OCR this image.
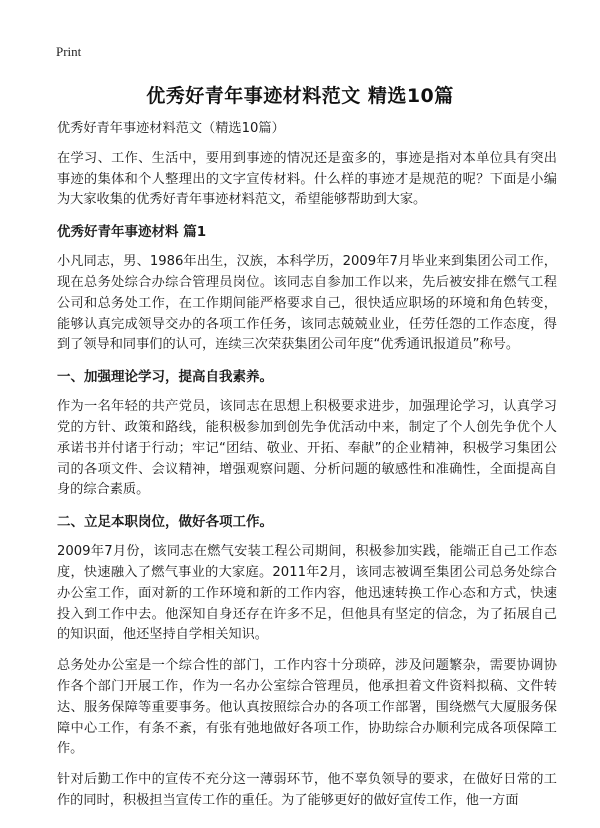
Print
优秀好青年事迹材料范文 精选10篇
优秀好青年事迹材料范文（精选10篇）

在学习、工作、生活中，要用到事迹的情况还是蛮多的，事迹是指对本单位具有突出事迹的集体和个人整理出的文字宣传材料。什么样的事迹才是规范的呢？下面是小编为大家收集的优秀好青年事迹材料范文，希望能够帮助到大家。

优秀好青年事迹材料 篇1

小凡同志，男、1986年出生，汉族，本科学历，2009年7月毕业来到集团公司工作，现在总务处综合办综合管理员岗位。该同志自参加工作以来，先后被安排在燃气工程公司和总务处工作，在工作期间能严格要求自己，很快适应职场的环境和角色转变，能够认真完成领导交办的各项工作任务，该同志兢兢业业，任劳任怨的工作态度，得到了领导和同事们的认可，连续三次荣获集团公司年度“优秀通讯报道员”称号。

一、加强理论学习，提高自我素养。

作为一名年轻的共产党员，该同志在思想上积极要求进步，加强理论学习，认真学习党的方针、政策和路线，能积极参加到创先争优活动中来，制定了个人创先争优个人承诺书并付诸于行动；牢记“团结、敬业、开拓、奉献”的企业精神，积极学习集团公司的各项文件、会议精神，增强观察问题、分析问题的敏感性和准确性，全面提高自身的综合素质。

二、立足本职岗位，做好各项工作。

2009年7月份，该同志在燃气安装工程公司期间，积极参加实践，能端正自己工作态度，快速融入了燃气事业的大家庭。2011年2月，该同志被调至集团公司总务处综合办公室工作，面对新的工作环境和新的工作内容，他迅速转换工作心态和方式，快速投入到工作中去。他深知自身还存在许多不足，但他具有坚定的信念，为了拓展自己的知识面，他还坚持自学相关知识。

总务处办公室是一个综合性的部门，工作内容十分琐碎，涉及问题繁杂，需要协调协作各个部门开展工作，作为一名办公室综合管理员，他承担着文件资料拟稿、文件转达、服务保障等重要事务。他认真按照综合办的各项工作部署，围绕燃气大厦服务保障中心工作，有条不紊，有张有弛地做好各项工作，协助综合办顺利完成各项保障工作。

针对后勤工作中的宣传不充分这一薄弱环节，他不辜负领导的要求，在做好日常的工作的同时，积极担当宣传工作的重任。为了能够更好的做好宣传工作，他一方面
